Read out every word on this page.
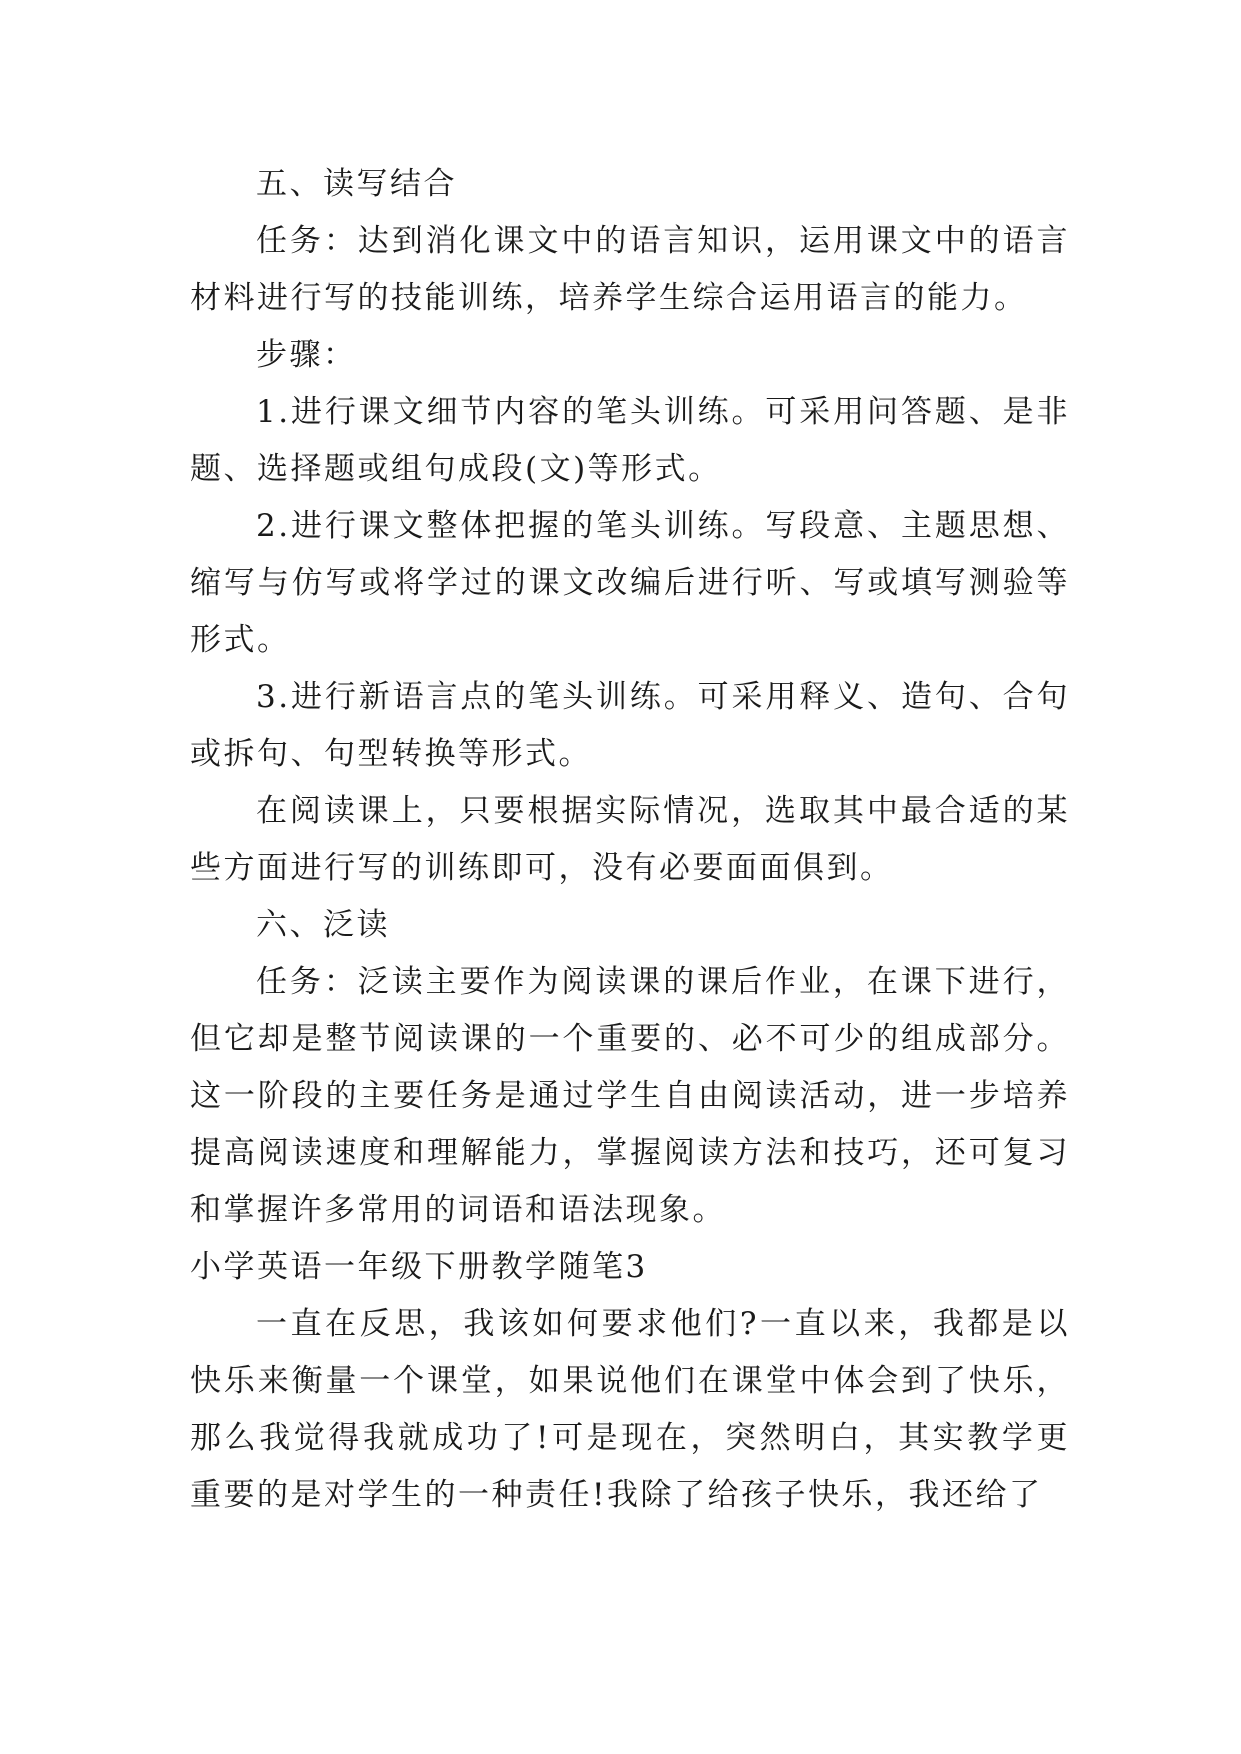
五、读写结合

任务：达到消化课文中的语言知识，运用课文中的语言材料进行写的技能训练，培养学生综合运用语言的能力。

步骤：

1.进行课文细节内容的笔头训练。可采用问答题、是非题、选择题或组句成段(文)等形式。

2.进行课文整体把握的笔头训练。写段意、主题思想、缩写与仿写或将学过的课文改编后进行听、写或填写测验等形式。

3.进行新语言点的笔头训练。可采用释义、造句、合句或拆句、句型转换等形式。

在阅读课上，只要根据实际情况，选取其中最合适的某些方面进行写的训练即可，没有必要面面俱到。

六、泛读

任务：泛读主要作为阅读课的课后作业，在课下进行，但它却是整节阅读课的一个重要的、必不可少的组成部分。这一阶段的主要任务是通过学生自由阅读活动，进一步培养提高阅读速度和理解能力，掌握阅读方法和技巧，还可复习和掌握许多常用的词语和语法现象。

小学英语一年级下册教学随笔3

一直在反思，我该如何要求他们?一直以来，我都是以快乐来衡量一个课堂，如果说他们在课堂中体会到了快乐，那么我觉得我就成功了!可是现在，突然明白，其实教学更重要的是对学生的一种责任!我除了给孩子快乐，我还给了
